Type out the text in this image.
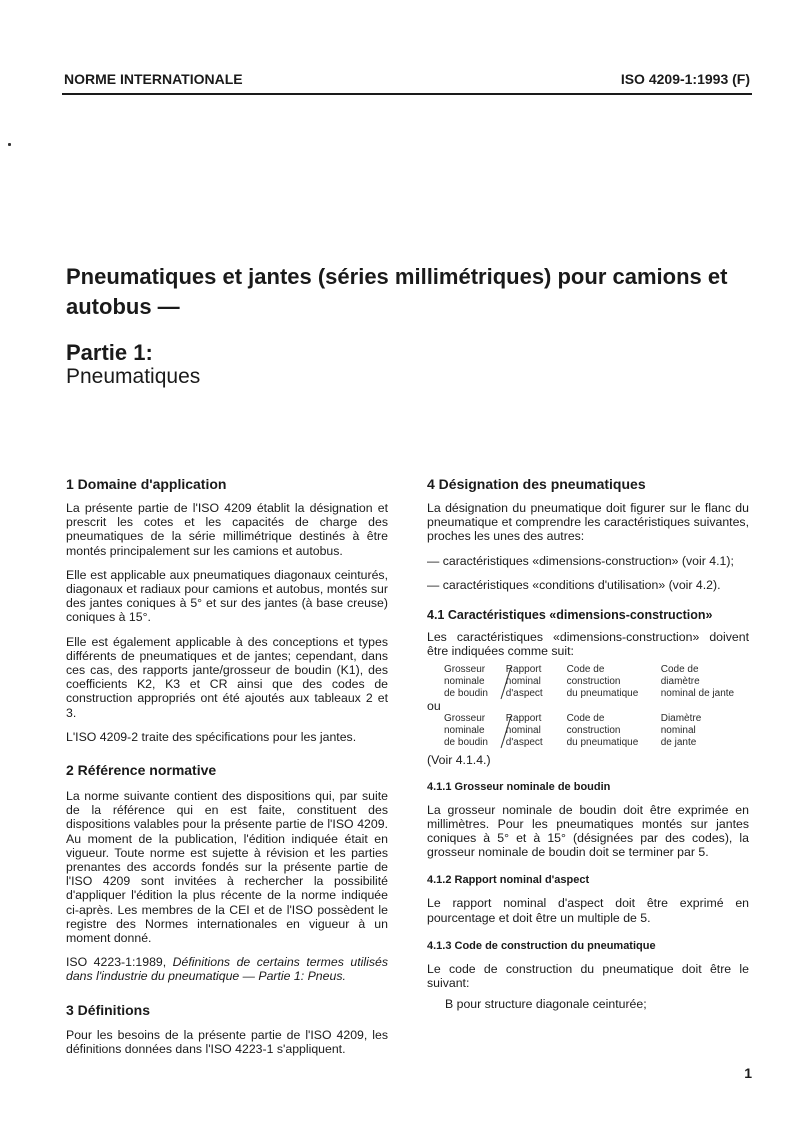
NORME INTERNATIONALE	ISO 4209-1:1993 (F)
Pneumatiques et jantes (séries millimétriques) pour camions et autobus —
Partie 1:
Pneumatiques

1 Domaine d'application

La présente partie de l'ISO 4209 établit la désignation et prescrit les cotes et les capacités de charge des pneumatiques de la série millimétrique destinés à être montés principalement sur les camions et autobus.

Elle est applicable aux pneumatiques diagonaux ceinturés, diagonaux et radiaux pour camions et autobus, montés sur des jantes coniques à 5° et sur des jantes (à base creuse) coniques à 15°.

Elle est également applicable à des conceptions et types différents de pneumatiques et de jantes; cependant, dans ces cas, des rapports jante/grosseur de boudin (K1), des coefficients K2, K3 et CR ainsi que des codes de construction appropriés ont été ajoutés aux tableaux 2 et 3.

L'ISO 4209-2 traite des spécifications pour les jantes.

2 Référence normative

La norme suivante contient des dispositions qui, par suite de la référence qui en est faite, constituent des dispositions valables pour la présente partie de l'ISO 4209. Au moment de la publication, l'édition indiquée était en vigueur. Toute norme est sujette à révision et les parties prenantes des accords fondés sur la présente partie de l'ISO 4209 sont invitées à rechercher la possibilité d'appliquer l'édition la plus récente de la norme indiquée ci-après. Les membres de la CEI et de l'ISO possèdent le registre des Normes internationales en vigueur à un moment donné.

ISO 4223-1:1989, Définitions de certains termes utilisés dans l'industrie du pneumatique — Partie 1: Pneus.

3 Définitions

Pour les besoins de la présente partie de l'ISO 4209, les définitions données dans l'ISO 4223-1 s'appliquent.

4 Désignation des pneumatiques

La désignation du pneumatique doit figurer sur le flanc du pneumatique et comprendre les caractéristiques suivantes, proches les unes des autres:

— caractéristiques «dimensions-construction» (voir 4.1);

— caractéristiques «conditions d'utilisation» (voir 4.2).

4.1 Caractéristiques «dimensions-construction»

Les caractéristiques «dimensions-construction» doivent être indiquées comme suit:

Grosseur	Rapport	Code de	Code de
nominale	nominal	construction	diamètre
de boudin	d'aspect	du pneumatique	nominal de jante

ou

Grosseur	Rapport	Code de	Diamètre
nominale	nominal	construction	nominal
de boudin	d'aspect	du pneumatique	de jante

(Voir 4.1.4.)

4.1.1 Grosseur nominale de boudin

La grosseur nominale de boudin doit être exprimée en millimètres. Pour les pneumatiques montés sur jantes coniques à 5° et à 15° (désignées par des codes), la grosseur nominale de boudin doit se terminer par 5.

4.1.2 Rapport nominal d'aspect

Le rapport nominal d'aspect doit être exprimé en pourcentage et doit être un multiple de 5.

4.1.3 Code de construction du pneumatique

Le code de construction du pneumatique doit être le suivant:

B pour structure diagonale ceinturée;

1
